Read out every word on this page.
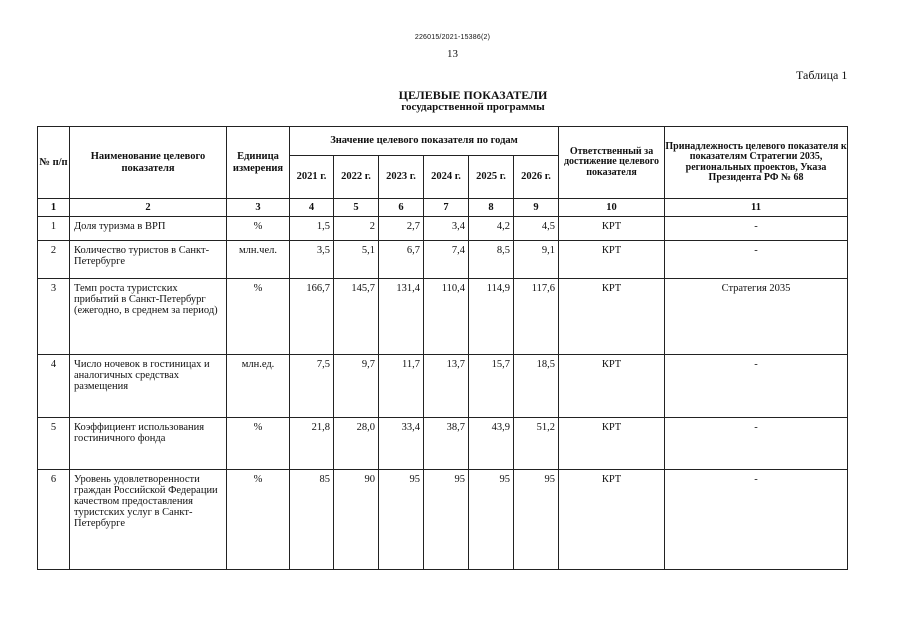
226015/2021-15386(2)
13
Таблица 1
ЦЕЛЕВЫЕ ПОКАЗАТЕЛИ
государственной программы
№ п/п	Наименование целевого показателя	Единица измерения	Значение целевого показателя по годам						Ответственный за достижение целевого показателя	Принадлежность целевого показателя к показателям Стратегии 2035, региональных проектов, Указа Президента РФ № 68
			2021 г.	2022 г.	2023 г.	2024 г.	2025 г.	2026 г.		
1	2	3	4	5	6	7	8	9	10	11
1	Доля туризма в ВРП	%	1,5	2	2,7	3,4	4,2	4,5	КРТ	-
2	Количество туристов в Санкт-Петербурге	млн.чел.	3,5	5,1	6,7	7,4	8,5	9,1	КРТ	-
3	Темп роста туристских прибытий в Санкт-Петербург (ежегодно, в среднем за период)	%	166,7	145,7	131,4	110,4	114,9	117,6	КРТ	Стратегия 2035
4	Число ночевок в гостиницах и аналогичных средствах размещения	млн.ед.	7,5	9,7	11,7	13,7	15,7	18,5	КРТ	-
5	Коэффициент использования гостиничного фонда	%	21,8	28,0	33,4	38,7	43,9	51,2	КРТ	-
6	Уровень удовлетворенности граждан Российской Федерации качеством предоставления туристских услуг в Санкт-Петербурге	%	85	90	95	95	95	95	КРТ	-
